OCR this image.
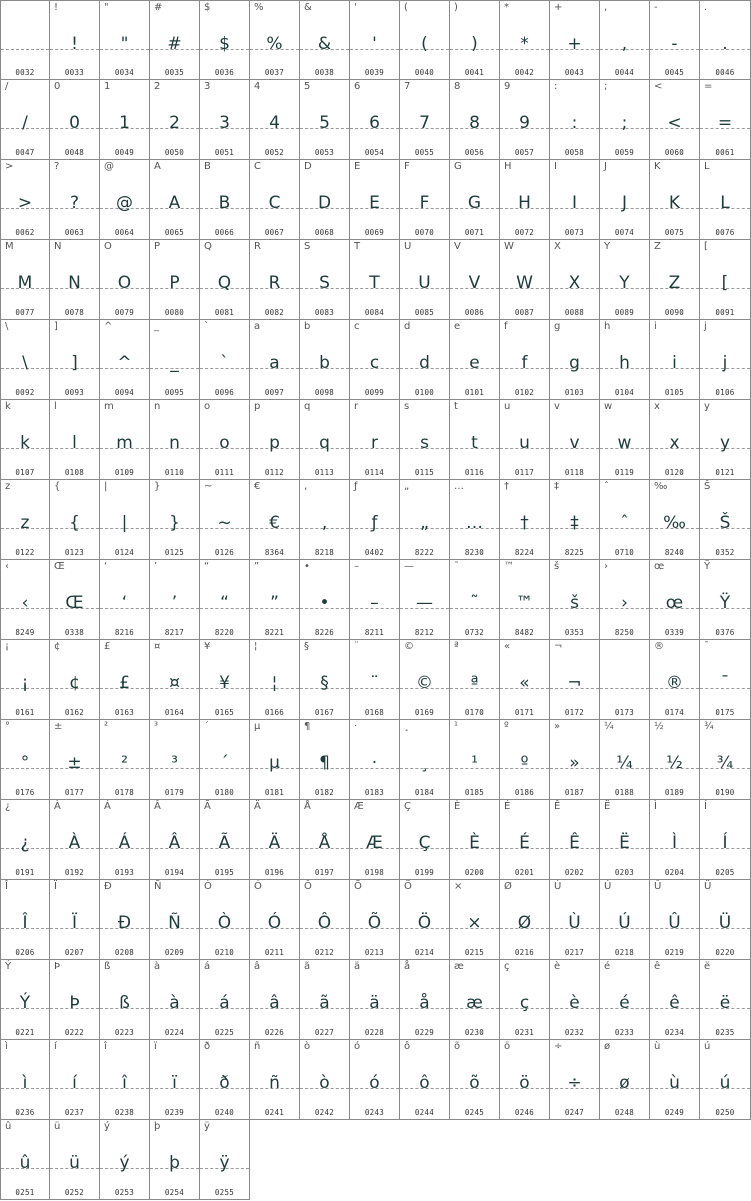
0032
!
!
0033
"
"
0034
#
#
0035
$
$
0036
%
%
0037
&
&
0038
'
'
0039
(
(
0040
)
)
0041
*
*
0042
+
+
0043
,
,
0044
-
-
0045
.
.
0046
/
/
0047
0
0
0048
1
1
0049
2
2
0050
3
3
0051
4
4
0052
5
5
0053
6
6
0054
7
7
0055
8
8
0056
9
9
0057
:
:
0058
;
;
0059
<
<
0060
=
=
0061
>
>
0062
?
?
0063
@
@
0064
A
A
0065
B
B
0066
C
C
0067
D
D
0068
E
E
0069
F
F
0070
G
G
0071
H
H
0072
I
I
0073
J
J
0074
K
K
0075
L
L
0076
M
M
0077
N
N
0078
O
O
0079
P
P
0080
Q
Q
0081
R
R
0082
S
S
0083
T
T
0084
U
U
0085
V
V
0086
W
W
0087
X
X
0088
Y
Y
0089
Z
Z
0090
[
[
0091
\
\
0092
]
]
0093
^
^
0094
_
_
0095
`
`
0096
a
a
0097
b
b
0098
c
c
0099
d
d
0100
e
e
0101
f
f
0102
g
g
0103
h
h
0104
i
i
0105
j
j
0106
k
k
0107
l
l
0108
m
m
0109
n
n
0110
o
o
0111
p
p
0112
q
q
0113
r
r
0114
s
s
0115
t
t
0116
u
u
0117
v
v
0118
w
w
0119
x
x
0120
y
y
0121
z
z
0122
{
{
0123
|
|
0124
}
}
0125
~
~
0126
€
€
8364
‚
‚
8218
ƒ
ƒ
0402
„
„
8222
…
…
8230
†
†
8224
‡
‡
8225
ˆ
ˆ
0710
‰
‰
8240
Š
Š
0352
‹
‹
8249
Œ
Œ
0338
‘
‘
8216
’
’
8217
“
“
8220
”
”
8221
•
•
8226
–
–
8211
—
—
8212
˜
˜
0732
™
™
8482
š
š
0353
›
›
8250
œ
œ
0339
Ÿ
Ÿ
0376
¡
¡
0161
¢
¢
0162
£
£
0163
¤
¤
0164
¥
¥
0165
¦
¦
0166
§
§
0167
¨
¨
0168
©
©
0169
ª
ª
0170
«
«
0171
¬
¬
0172	0173
®
®
0174
¯
¯
0175
°
°
0176
±
±
0177
²
²
0178
³
³
0179
´
´
0180
µ
µ
0181
¶
¶
0182
·
·
0183
¸
¸
0184
¹
¹
0185
º
º
0186
»
»
0187
¼
¼
0188
½
½
0189
¾
¾
0190
¿
¿
0191
À
À
0192
Á
Á
0193
Â
Â
0194
Ã
Ã
0195
Ä
Ä
0196
Å
Å
0197
Æ
Æ
0198
Ç
Ç
0199
È
È
0200
É
É
0201
Ê
Ê
0202
Ë
Ë
0203
Ì
Ì
0204
Í
Í
0205
Î
Î
0206
Ï
Ï
0207
Ð
Ð
0208
Ñ
Ñ
0209
Ò
Ò
0210
Ó
Ó
0211
Ô
Ô
0212
Õ
Õ
0213
Ö
Ö
0214
×
×
0215
Ø
Ø
0216
Ù
Ù
0217
Ú
Ú
0218
Û
Û
0219
Ü
Ü
0220
Ý
Ý
0221
Þ
Þ
0222
ß
ß
0223
à
à
0224
á
á
0225
â
â
0226
ã
ã
0227
ä
ä
0228
å
å
0229
æ
æ
0230
ç
ç
0231
è
è
0232
é
é
0233
ê
ê
0234
ë
ë
0235
ì
ì
0236
í
í
0237
î
î
0238
ï
ï
0239
ð
ð
0240
ñ
ñ
0241
ò
ò
0242
ó
ó
0243
ô
ô
0244
õ
õ
0245
ö
ö
0246
÷
÷
0247
ø
ø
0248
ù
ù
0249
ú
ú
0250
û
û
0251
ü
ü
0252
ý
ý
0253
þ
þ
0254
ÿ
ÿ
0255
